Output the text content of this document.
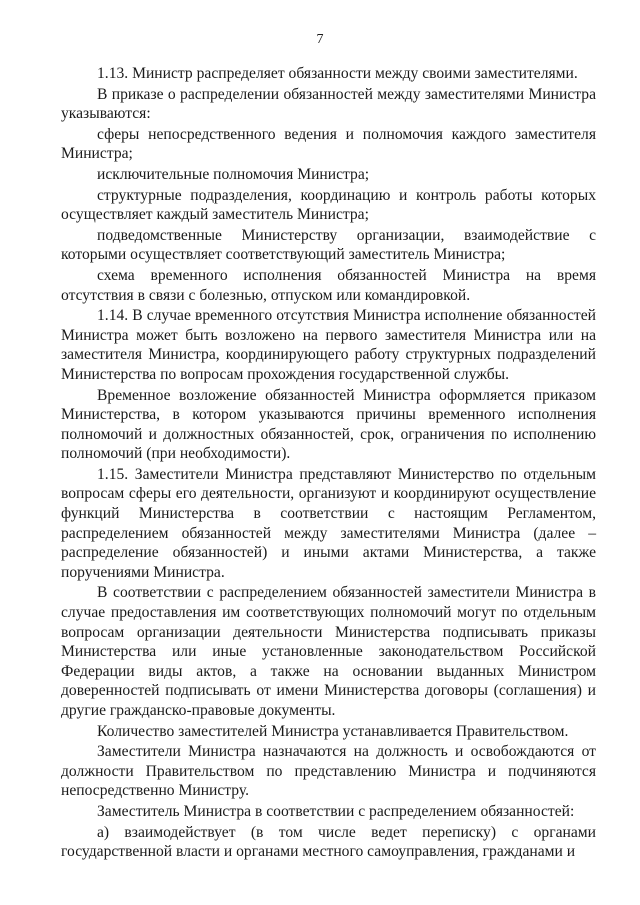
7

1.13. Министр распределяет обязанности между своими заместителями.

В приказе о распределении обязанностей между заместителями Министра указываются:

сферы непосредственного ведения и полномочия каждого заместителя Министра;

исключительные полномочия Министра;

структурные подразделения, координацию и контроль работы которых осуществляет каждый заместитель Министра;

подведомственные Министерству организации, взаимодействие с которыми осуществляет соответствующий заместитель Министра;

схема временного исполнения обязанностей Министра на время отсутствия в связи с болезнью, отпуском или командировкой.

1.14. В случае временного отсутствия Министра исполнение обязанностей Министра может быть возложено на первого заместителя Министра или на заместителя Министра, координирующего работу структурных подразделений Министерства по вопросам прохождения государственной службы.

Временное возложение обязанностей Министра оформляется приказом Министерства, в котором указываются причины временного исполнения полномочий и должностных обязанностей, срок, ограничения по исполнению полномочий (при необходимости).

1.15. Заместители Министра представляют Министерство по отдельным вопросам сферы его деятельности, организуют и координируют осуществление функций Министерства в соответствии с настоящим Регламентом, распределением обязанностей между заместителями Министра (далее – распределение обязанностей) и иными актами Министерства, а также поручениями Министра.

В соответствии с распределением обязанностей заместители Министра в случае предоставления им соответствующих полномочий могут по отдельным вопросам организации деятельности Министерства подписывать приказы Министерства или иные установленные законодательством Российской Федерации виды актов, а также на основании выданных Министром доверенностей подписывать от имени Министерства договоры (соглашения) и другие гражданско-правовые документы.

Количество заместителей Министра устанавливается Правительством.

Заместители Министра назначаются на должность и освобождаются от должности Правительством по представлению Министра и подчиняются непосредственно Министру.

Заместитель Министра в соответствии с распределением обязанностей:

а) взаимодействует (в том числе ведет переписку) с органами государственной власти и органами местного самоуправления, гражданами и
